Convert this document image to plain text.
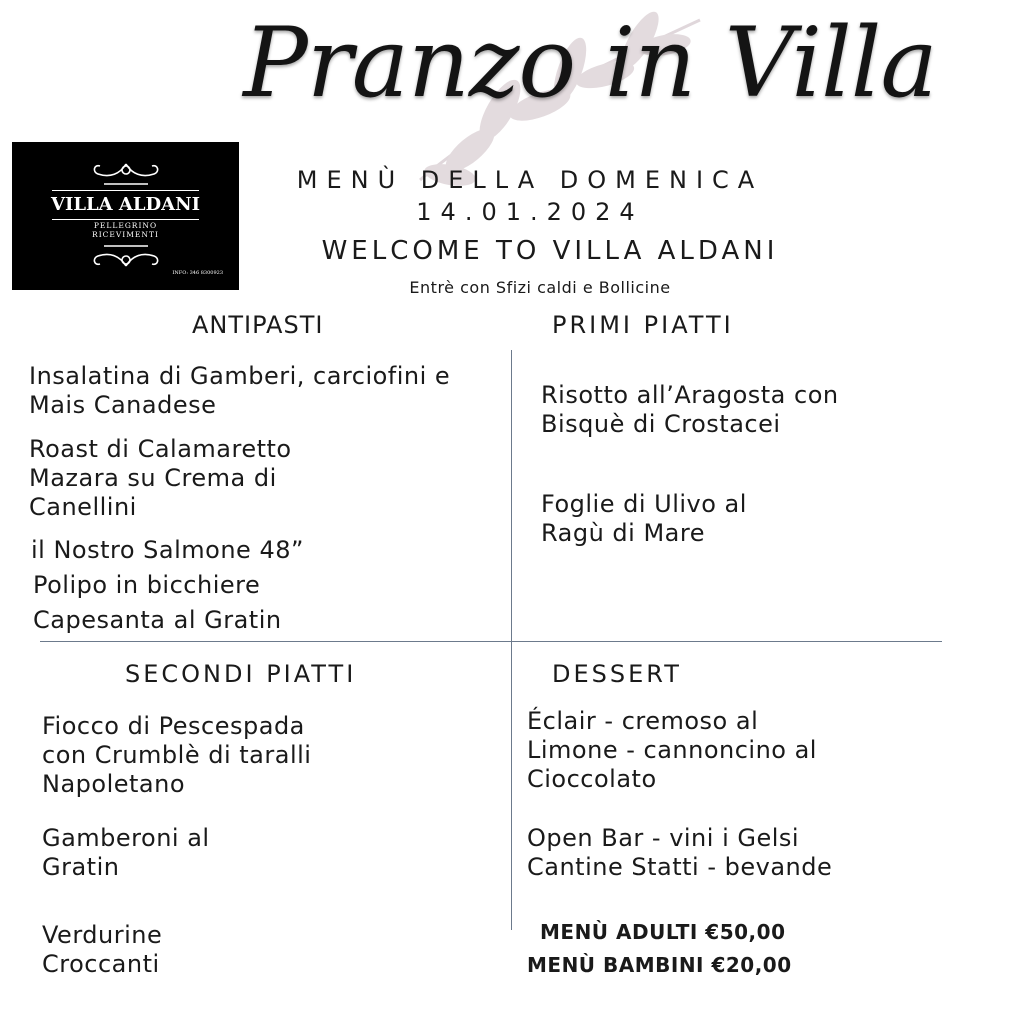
Pranzo in Villa
VILLA ALDANI
PELLEGRINO
RICEVIMENTI
INFO: 346 8300923
MENÙ DELLA DOMENICA
14.01.2024
WELCOME TO VILLA ALDANI
Entrè con Sfizi caldi e Bollicine
ANTIPASTI
Insalatina di Gamberi, carciofini e
Mais Canadese
Roast di Calamaretto
Mazara su Crema di
Canellini
il Nostro Salmone 48”
Polipo in bicchiere
Capesanta al Gratin
PRIMI PIATTI
Risotto all’Aragosta con
Bisquè di Crostacei
Foglie di Ulivo al
Ragù di Mare
SECONDI PIATTI
Fiocco di Pescespada
con Crumblè di taralli
Napoletano
Gamberoni al
Gratin
Verdurine
Croccanti
DESSERT
Éclair - cremoso al
Limone - cannoncino al
Cioccolato
Open Bar - vini i Gelsi
Cantine Statti - bevande
MENÙ ADULTI €50,00
MENÙ BAMBINI €20,00
